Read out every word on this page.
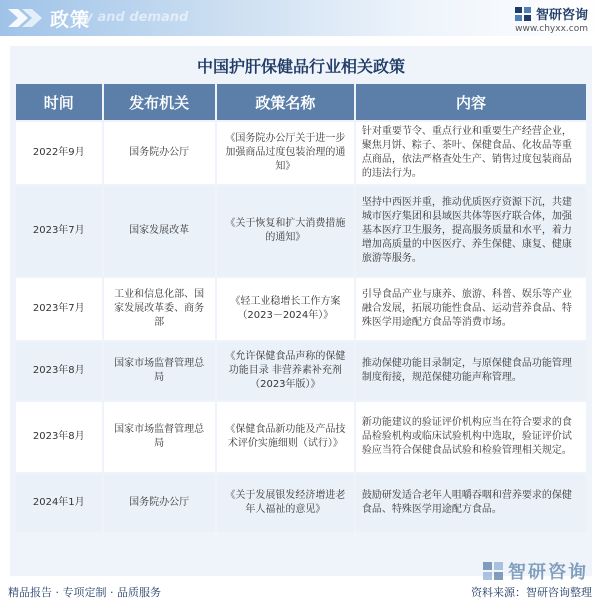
政策
ly and demand	智研咨询
www.chyxx.com
中国护肝保健品行业相关政策
时间	发布机关	政策名称	内容
2022年9月	国务院办公厅	《国务院办公厅关于进一步加强商品过度包装治理的通知》	针对重要节令、重点行业和重要生产经营企业，聚焦月饼、粽子、茶叶、保健食品、化妆品等重点商品，依法严格查处生产、销售过度包装商品的违法行为。
2023年7月	国家发展改革	《关于恢复和扩大消费措施的通知》	坚持中西医并重，推动优质医疗资源下沉，共建城市医疗集团和县域医共体等医疗联合体，加强基本医疗卫生服务，提高服务质量和水平，着力增加高质量的中医医疗、养生保健、康复、健康旅游等服务。
2023年7月	工业和信息化部、国家发展改革委、商务部	《轻工业稳增长工作方案（2023－2024年）》	引导食品产业与康养、旅游、科普、娱乐等产业融合发展，拓展功能性食品、运动营养食品、特殊医学用途配方食品等消费市场。
2023年8月	国家市场监督管理总局	《允许保健食品声称的保健功能目录 非营养素补充剂（2023年版）》	推动保健功能目录制定，与原保健食品功能管理制度衔接，规范保健功能声称管理。
2023年8月	国家市场监督管理总局	《保健食品新功能及产品技术评价实施细则（试行）》	新功能建议的验证评价机构应当在符合要求的食品检验机构或临床试验机构中选取，验证评价试验应当符合保健食品试验和检验管理相关规定。
2024年1月	国务院办公厅	《关于发展银发经济增进老年人福祉的意见》	鼓励研发适合老年人咀嚼吞咽和营养要求的保健食品、特殊医学用途配方食品。
智研咨询
精品报告 · 专项定制 · 品质服务	资料来源：智研咨询整理
